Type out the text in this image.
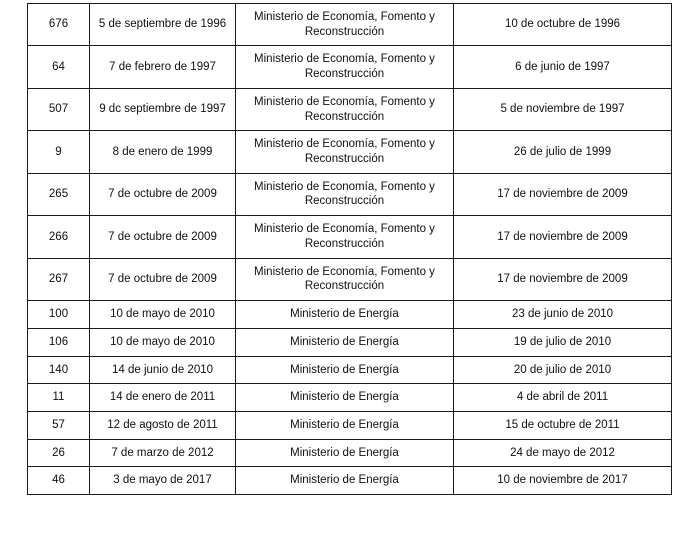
676	5 de septiembre de 1996	Ministerio de Economía, Fomento y Reconstrucción	10 de octubre de 1996
64	7 de febrero de 1997	Ministerio de Economía, Fomento y Reconstrucción	6 de junio de 1997
507	9 dc septiembre de 1997	Ministerio de Economía, Fomento y Reconstrucción	5 de noviembre de 1997
9	8 de enero de 1999	Ministerio de Economía, Fomento y Reconstrucción	26 de julio de 1999
265	7 de octubre de 2009	Ministerio de Economía, Fomento y Reconstrucción	17 de noviembre de 2009
266	7 de octubre de 2009	Ministerio de Economía, Fomento y Reconstrucción	17 de noviembre de 2009
267	7 de octubre de 2009	Ministerio de Economía, Fomento y Reconstrucción	17 de noviembre de 2009
100	10 de mayo de 2010	Ministerio de Energía	23 de junio de 2010
106	10 de mayo de 2010	Ministerio de Energía	19 de julio de 2010
140	14 de junio de 2010	Ministerio de Energía	20 de julio de 2010
11	14 de enero de 2011	Ministerio de Energía	4 de abril de 2011
57	12 de agosto de 2011	Ministerio de Energía	15 de octubre de 2011
26	7 de marzo de 2012	Ministerio de Energía	24 de mayo de 2012
46	3 de mayo de 2017	Ministerio de Energía	10 de noviembre de 2017
